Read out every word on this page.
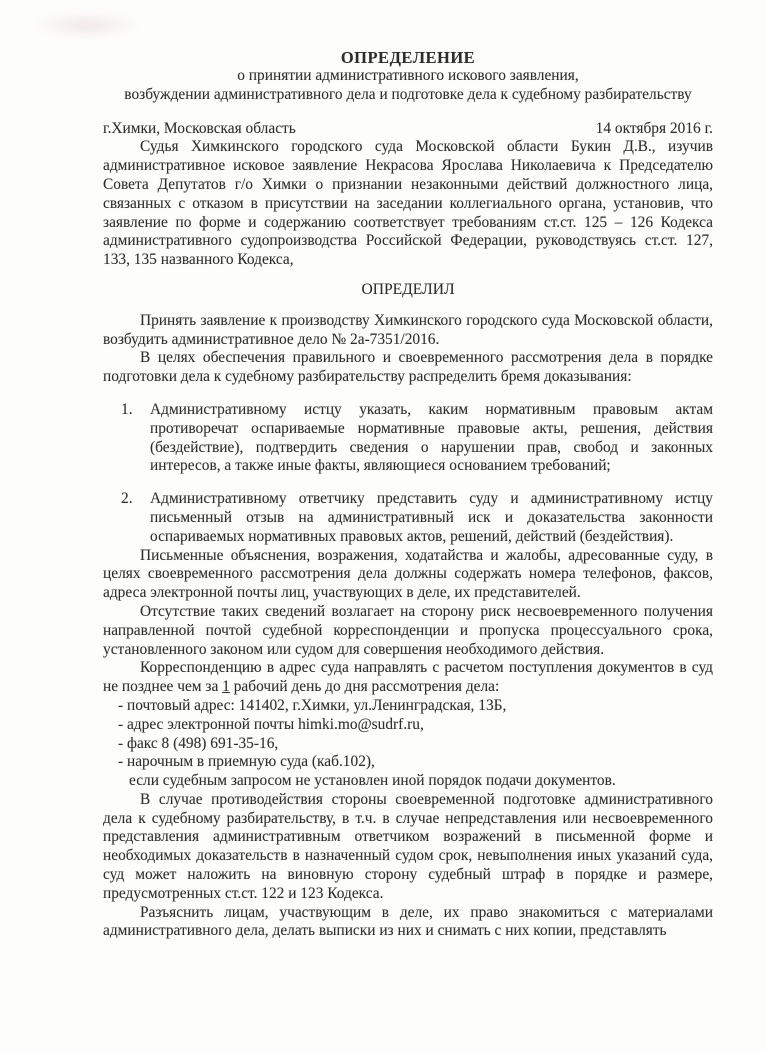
ОПРЕДЕЛЕНИЕ
о принятии административного искового заявления,
возбуждении административного дела и подготовке дела к судебному разбирательству
г.Химки, Московская область	14 октября 2016 г.

Судья Химкинского городского суда Московской области Букин Д.В., изучив административное исковое заявление Некрасова Ярослава Николаевича к Председателю Совета Депутатов г/о Химки о признании незаконными действий должностного лица, связанных с отказом в присутствии на заседании коллегиального органа, установив, что заявление по форме и содержанию соответствует требованиям ст.ст. 125 – 126 Кодекса административного судопроизводства Российской Федерации, руководствуясь ст.ст. 127, 133, 135 названного Кодекса,

ОПРЕДЕЛИЛ

Принять заявление к производству Химкинского городского суда Московской области, возбудить административное дело № 2а-7351/2016.

В целях обеспечения правильного и своевременного рассмотрения дела в порядке подготовки дела к судебному разбирательству распределить бремя доказывания:

1.	Административному истцу указать, каким нормативным правовым актам противоречат оспариваемые нормативные правовые акты, решения, действия (бездействие), подтвердить сведения о нарушении прав, свобод и законных интересов, а также иные факты, являющиеся основанием требований;
2.	Административному ответчику представить суду и административному истцу письменный отзыв на административный иск и доказательства законности оспариваемых нормативных правовых актов, решений, действий (бездействия).

Письменные объяснения, возражения, ходатайства и жалобы, адресованные суду, в целях своевременного рассмотрения дела должны содержать номера телефонов, факсов, адреса электронной почты лиц, участвующих в деле, их представителей.

Отсутствие таких сведений возлагает на сторону риск несвоевременного получения направленной почтой судебной корреспонденции и пропуска процессуального срока, установленного законом или судом для совершения необходимого действия.

Корреспонденцию в адрес суда направлять с расчетом поступления документов в суд не позднее чем за 1 рабочий день до дня рассмотрения дела:

- почтовый адрес: 141402, г.Химки, ул.Ленинградская, 13Б,

- адрес электронной почты himki.mo@sudrf.ru,

- факс 8 (498) 691-35-16,

- нарочным в приемную суда (каб.102),

если судебным запросом не установлен иной порядок подачи документов.

В случае противодействия стороны своевременной подготовке административного дела к судебному разбирательству, в т.ч. в случае непредставления или несвоевременного представления административным ответчиком возражений в письменной форме и необходимых доказательств в назначенный судом срок, невыполнения иных указаний суда, суд может наложить на виновную сторону судебный штраф в порядке и размере, предусмотренных ст.ст. 122 и 123 Кодекса.

Разъяснить лицам, участвующим в деле, их право знакомиться с материалами административного дела, делать выписки из них и снимать с них копии, представлять
